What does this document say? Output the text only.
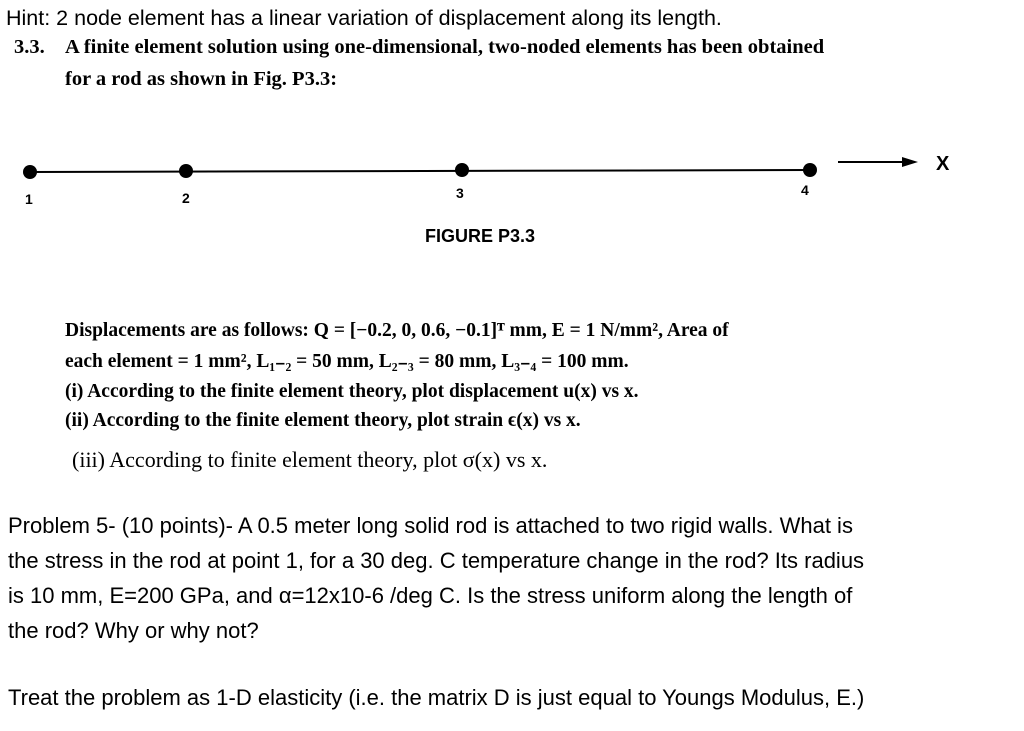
Hint: 2 node element has a linear variation of displacement along its length.
3.3. A finite element solution using one-dimensional, two-noded elements has been obtained
for a rod as shown in Fig. P3.3:
1	2	3	4
X
FIGURE P3.3
Displacements are as follows: Q = [−0.2, 0, 0.6, −0.1]ᵀ mm, E = 1 N/mm², Area of
each element = 1 mm², L₁₋₂ = 50 mm, L₂₋₃ = 80 mm, L₃₋₄ = 100 mm.
(i) According to the finite element theory, plot displacement u(x) vs x.
(ii) According to the finite element theory, plot strain ϵ(x) vs x.
(iii) According to finite element theory, plot σ(x) vs x.
Problem 5- (10 points)- A 0.5 meter long solid rod is attached to two rigid walls. What is
the stress in the rod at point 1, for a 30 deg. C temperature change in the rod? Its radius
is 10 mm, E=200 GPa, and α=12x10-6 /deg C. Is the stress uniform along the length of
the rod? Why or why not?
Treat the problem as 1-D elasticity (i.e. the matrix D is just equal to Youngs Modulus, E.)
